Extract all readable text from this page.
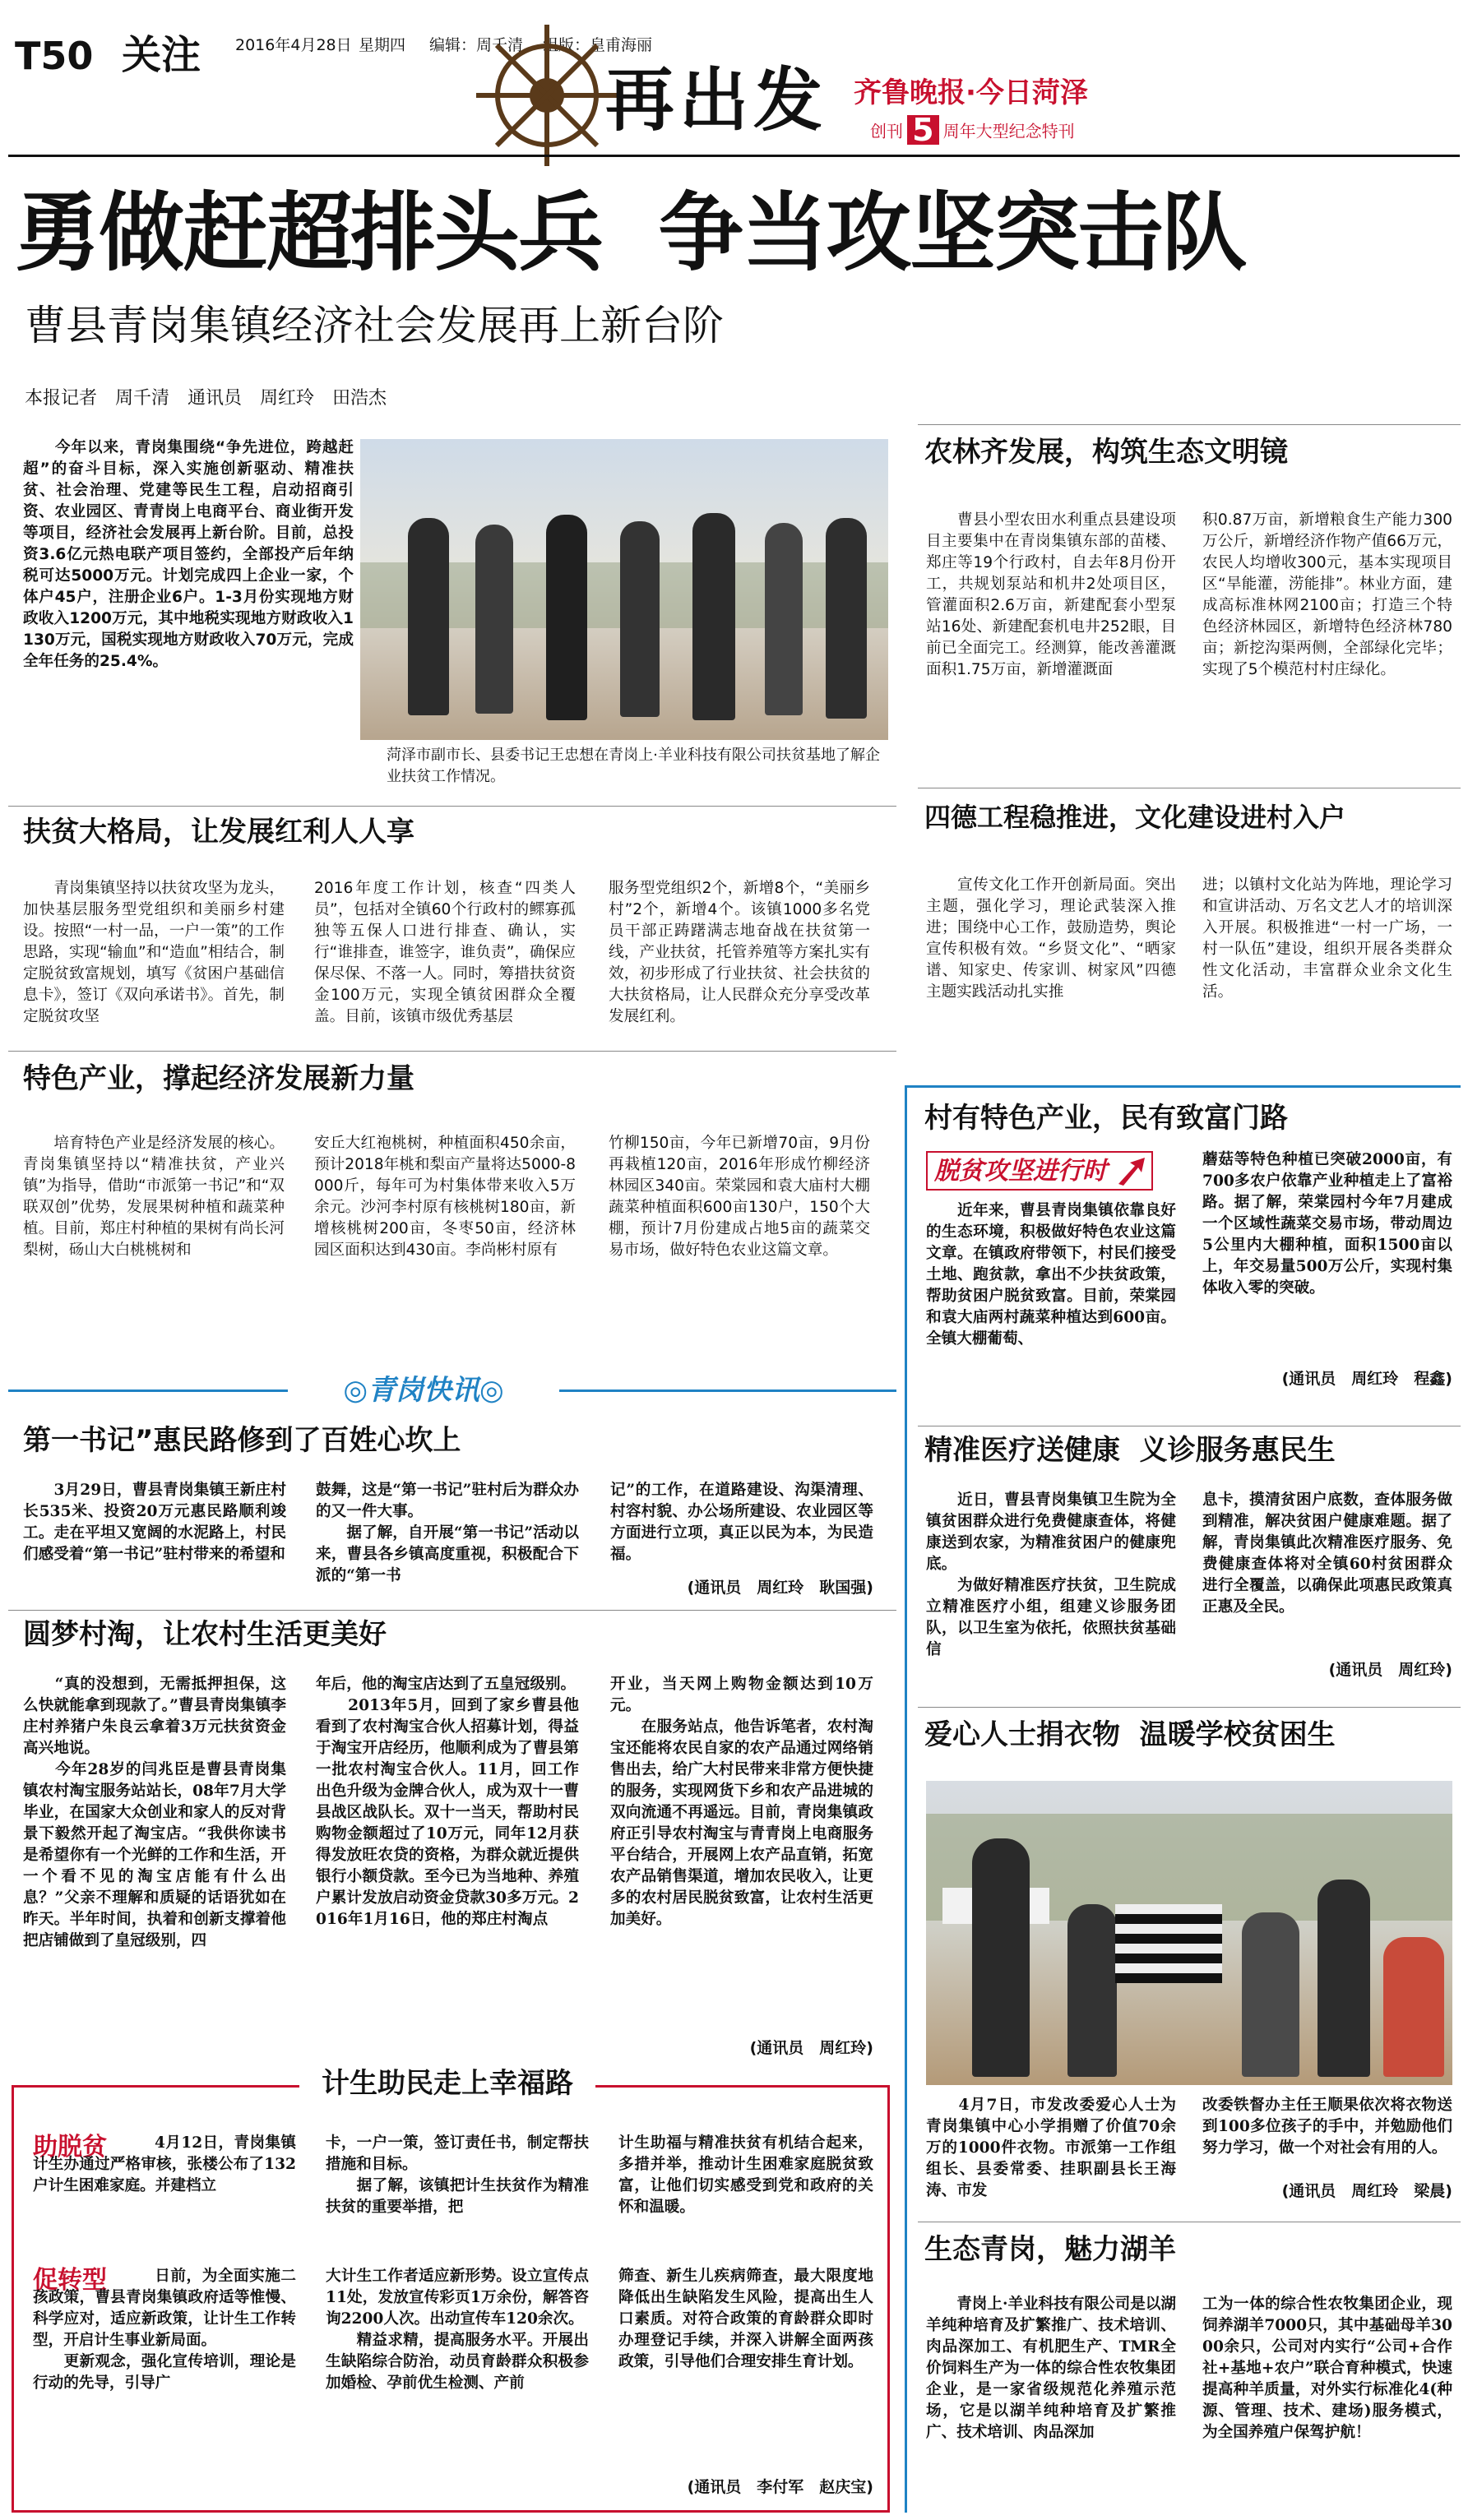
T50 关注 2016年4月28日 星期四 编辑：周千清 组版：皇甫海丽
再出发 齐鲁晚报·今日菏泽
创刊 5 周年大型纪念特刊
勇做赶超排头兵  争当攻坚突击队
曹县青岗集镇经济社会发展再上新台阶
本报记者　周千清　通讯员　周红玲　田浩杰
　　今年以来，青岗集围绕“争先进位，跨越赶超”的奋斗目标，深入实施创新驱动、精准扶贫、社会治理、党建等民生工程，启动招商引资、农业园区、青青岗上电商平台、商业街开发等项目，经济社会发展再上新台阶。目前，总投资3.6亿元热电联产项目签约，全部投产后年纳税可达5000万元。计划完成四上企业一家，个体户45户，注册企业6户。1-3月份实现地方财政收入1200万元，其中地税实现地方财政收入1130万元，国税实现地方财政收入70万元，完成全年任务的25.4%。
菏泽市副市长、县委书记王忠想在青岗上·羊业科技有限公司扶贫基地了解企业扶贫工作情况。
农林齐发展，构筑生态文明镜
　　曹县小型农田水利重点县建设项目主要集中在青岗集镇东部的苗楼、郑庄等19个行政村，自去年8月份开工，共规划泵站和机井2处项目区，管灌面积2.6万亩，新建配套小型泵站16处、新建配套机电井252眼，目前已全面完工。经测算，能改善灌溉面积1.75万亩，新增灌溉面
积0.87万亩，新增粮食生产能力300万公斤，新增经济作物产值66万元，农民人均增收300元，基本实现项目区“旱能灌，涝能排”。林业方面，建成高标准林网2100亩；打造三个特色经济林园区，新增特色经济林780亩；新挖沟渠两侧，全部绿化完毕；实现了5个模范村村庄绿化。
扶贫大格局，让发展红利人人享
　　青岗集镇坚持以扶贫攻坚为龙头，加快基层服务型党组织和美丽乡村建设。按照“一村一品，一户一策”的工作思路，实现“输血”和“造血”相结合，制定脱贫致富规划，填写《贫困户基础信息卡》，签订《双向承诺书》。首先，制定脱贫攻坚
2016年度工作计划，核查“四类人员”，包括对全镇60个行政村的鳏寡孤独等五保人口进行排查、确认，实行“谁排查，谁签字，谁负责”，确保应保尽保、不落一人。同时，筹措扶贫资金100万元，实现全镇贫困群众全覆盖。目前，该镇市级优秀基层
服务型党组织2个，新增8个，“美丽乡村”2个，新增4个。该镇1000多名党员干部正踌躇满志地奋战在扶贫第一线，产业扶贫，托管养殖等方案扎实有效，初步形成了行业扶贫、社会扶贫的大扶贫格局，让人民群众充分享受改革发展红利。
四德工程稳推进，文化建设进村入户
　　宣传文化工作开创新局面。突出主题，强化学习，理论武装深入推进；围绕中心工作，鼓励造势，舆论宣传积极有效。“乡贤文化”、“晒家谱、知家史、传家训、树家风”四德主题实践活动扎实推
进；以镇村文化站为阵地，理论学习和宣讲活动、万名文艺人才的培训深入开展。积极推进“一村一广场，一村一队伍”建设，组织开展各类群众性文化活动，丰富群众业余文化生活。
特色产业，撑起经济发展新力量
　　培育特色产业是经济发展的核心。青岗集镇坚持以“精准扶贫，产业兴镇”为指导，借助“市派第一书记”和“双联双创”优势，发展果树种植和蔬菜种植。目前，郑庄村种植的果树有尚长河梨树，砀山大白桃桃树和
安丘大红袍桃树，种植面积450余亩，预计2018年桃和梨亩产量将达5000-8000斤，每年可为村集体带来收入5万余元。沙河李村原有核桃树180亩，新增核桃树200亩，冬枣50亩，经济林园区面积达到430亩。李尚彬村原有
竹柳150亩，今年已新增70亩，9月份再栽植120亩，2016年形成竹柳经济林园区340亩。荣棠园和袁大庙村大棚蔬菜种植面积600亩130户，150个大棚，预计7月份建成占地5亩的蔬菜交易市场，做好特色农业这篇文章。
◎青岗快讯◎
第一书记”惠民路修到了百姓心坎上
　　3月29日，曹县青岗集镇王新庄村长535米、投资20万元惠民路顺利竣工。走在平坦又宽阔的水泥路上，村民们感受着“第一书记”驻村带来的希望和
鼓舞，这是“第一书记”驻村后为群众办的又一件大事。
　　据了解，自开展“第一书记”活动以来，曹县各乡镇高度重视，积极配合下派的“第一书
记”的工作，在道路建设、沟渠清理、村容村貌、办公场所建设、农业园区等方面进行立项，真正以民为本，为民造福。
(通讯员　周红玲　耿国强)
圆梦村淘，让农村生活更美好
　　“真的没想到，无需抵押担保，这么快就能拿到现款了。”曹县青岗集镇李庄村养猪户朱良云拿着3万元扶贫资金高兴地说。
　　今年28岁的闫兆臣是曹县青岗集镇农村淘宝服务站站长，08年7月大学毕业，在国家大众创业和家人的反对背景下毅然开起了淘宝店。“我供你读书是希望你有一个光鲜的工作和生活，开一个看不见的淘宝店能有什么出息？”父亲不理解和质疑的话语犹如在昨天。半年时间，执着和创新支撑着他把店铺做到了皇冠级别，四
年后，他的淘宝店达到了五皇冠级别。
　　2013年5月，回到了家乡曹县他看到了农村淘宝合伙人招募计划，得益于淘宝开店经历，他顺利成为了曹县第一批农村淘宝合伙人。11月，回工作出色升级为金牌合伙人，成为双十一曹县战区战队长。双十一当天，帮助村民购物金额超过了10万元，同年12月获得发放旺农贷的资格，为群众就近提供银行小额贷款。至今已为当地种、养殖户累计发放启动资金贷款30多万元。2016年1月16日，他的郑庄村淘点
开业，当天网上购物金额达到10万元。
　　在服务站点，他告诉笔者，农村淘宝还能将农民自家的农产品通过网络销售出去，给广大村民带来非常方便快捷的服务，实现网货下乡和农产品进城的双向流通不再遥远。目前，青岗集镇政府正引导农村淘宝与青青岗上电商服务平台结合，开展网上农产品直销，拓宽农产品销售渠道，增加农民收入，让更多的农村居民脱贫致富，让农村生活更加美好。
(通讯员　周红玲)
计生助民走上幸福路
助脱贫	　　4月12日，青岗集镇计生办通过严格审核，张楼公布了132户计生困难家庭。并建档立
卡，一户一策，签订责任书，制定帮扶措施和目标。
　　据了解，该镇把计生扶贫作为精准扶贫的重要举措，把
计生助福与精准扶贫有机结合起来，多措并举，推动计生困难家庭脱贫致富，让他们切实感受到党和政府的关怀和温暖。
促转型	　　日前，为全面实施二孩政策，曹县青岗集镇政府适等惟慢、科学应对，适应新政策，让计生工作转型，开启计生事业新局面。
　　更新观念，强化宣传培训，理论是行动的先导，引导广
大计生工作者适应新形势。设立宣传点11处，发放宣传彩页1万余份，解答咨询2200人次。出动宣传车120余次。
　　精益求精，提高服务水平。开展出生缺陷综合防治，动员育龄群众积极参加婚检、孕前优生检测、产前
筛查、新生儿疾病筛查，最大限度地降低出生缺陷发生风险，提高出生人口素质。对符合政策的育龄群众即时办理登记手续，并深入讲解全面两孩政策，引导他们合理安排生育计划。
(通讯员　李付军　赵庆宝)
村有特色产业，民有致富门路
脱贫攻坚进行时
　　近年来，曹县青岗集镇依靠良好的生态环境，积极做好特色农业这篇文章。在镇政府带领下，村民们接受土地、跑贫款，拿出不少扶贫政策，帮助贫困户脱贫致富。目前，荣棠园和袁大庙两村蔬菜种植达到600亩。全镇大棚葡萄、
蘑菇等特色种植已突破2000亩，有700多农户依靠产业种植走上了富裕路。据了解，荣棠园村今年7月建成一个区域性蔬菜交易市场，带动周边5公里内大棚种植，面积1500亩以上，年交易量500万公斤，实现村集体收入零的突破。
(通讯员　周红玲　程鑫)
精准医疗送健康  义诊服务惠民生
　　近日，曹县青岗集镇卫生院为全镇贫困群众进行免费健康查体，将健康送到农家，为精准贫困户的健康兜底。
　　为做好精准医疗扶贫，卫生院成立精准医疗小组，组建义诊服务团队，以卫生室为依托，依照扶贫基础信
息卡，摸清贫困户底数，查体服务做到精准，解决贫困户健康难题。据了解，青岗集镇此次精准医疗服务、免费健康查体将对全镇60村贫困群众进行全覆盖，以确保此项惠民政策真正惠及全民。
(通讯员　周红玲)
爱心人士捐衣物  温暖学校贫困生
　　4月7日，市发改委爱心人士为青岗集镇中心小学捐赠了价值70余万的1000件衣物。市派第一工作组组长、县委常委、挂职副县长王海涛、市发
改委铁督办主任王顺果依次将衣物送到100多位孩子的手中，并勉励他们努力学习，做一个对社会有用的人。
(通讯员　周红玲　梁晨)
生态青岗，魅力湖羊
　　青岗上·羊业科技有限公司是以湖羊纯种培育及扩繁推广、技术培训、肉品深加工、有机肥生产、TMR全价饲料生产为一体的综合性农牧集团企业，是一家省级规范化养殖示范场，它是以湖羊纯种培育及扩繁推广、技术培训、肉品深加
工为一体的综合性农牧集团企业，现饲养湖羊7000只，其中基础母羊3000余只，公司对内实行“公司+合作社+基地+农户”联合育种模式，快速提高种羊质量，对外实行标准化4(种源、管理、技术、建场)服务模式，为全国养殖户保驾护航！
